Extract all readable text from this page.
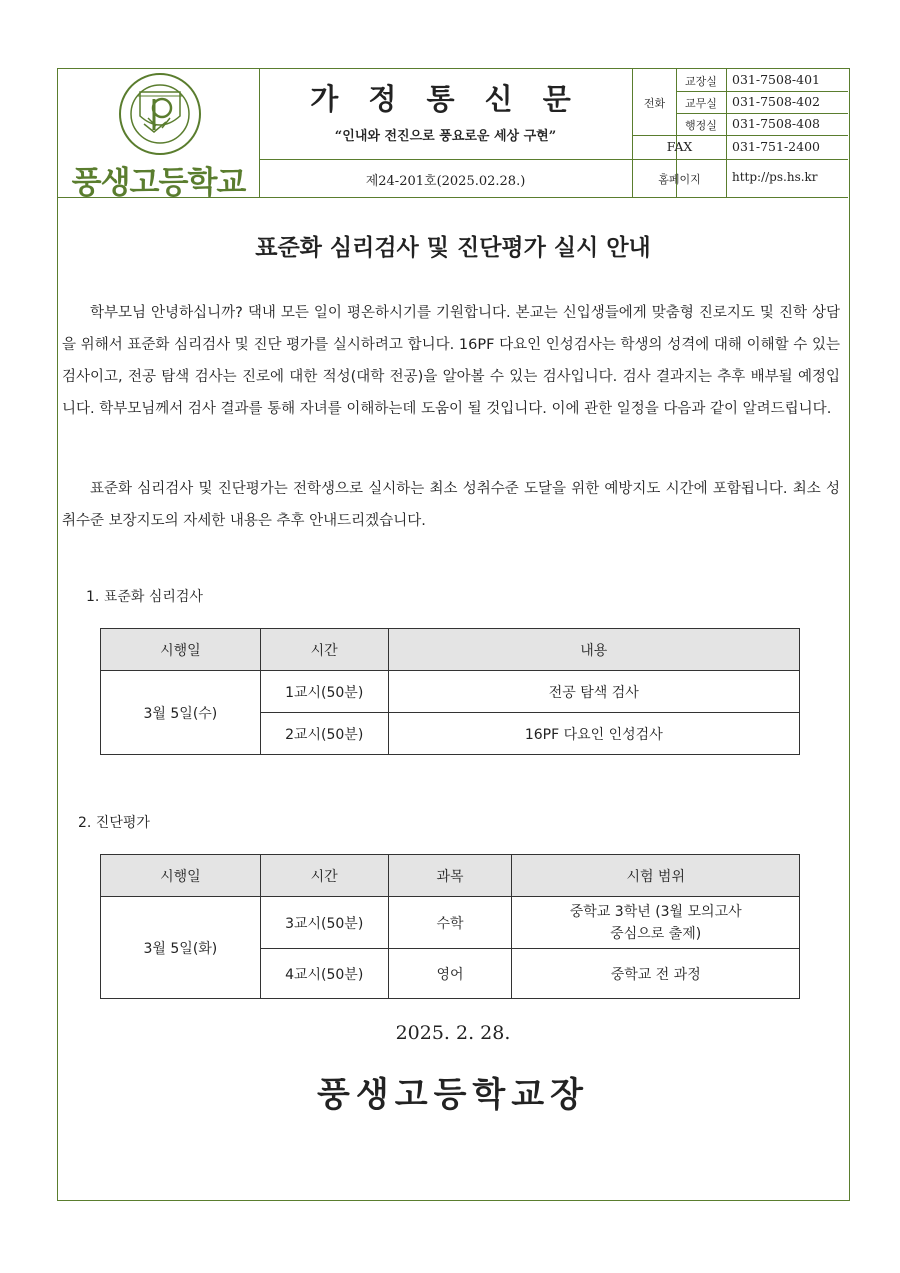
풍생고등학교
가 정 통 신 문
“인내와 전진으로 풍요로운 세상 구현”
제24-201호(2025.02.28.)
전화
교장실	031-7508-401
교무실	031-7508-402
행정실	031-7508-408
FAX	031-751-2400
홈페이지	http://ps.hs.kr
표준화 심리검사 및 진단평가 실시 안내
학부모님 안녕하십니까? 댁내 모든 일이 평온하시기를 기원합니다. 본교는 신입생들에게 맞춤형 진로지도 및 진학 상담을 위해서 표준화 심리검사 및 진단 평가를 실시하려고 합니다. 16PF 다요인 인성검사는 학생의 성격에 대해 이해할 수 있는 검사이고, 전공 탐색 검사는 진로에 대한 적성(대학 전공)을 알아볼 수 있는 검사입니다. 검사 결과지는 추후 배부될 예정입니다. 학부모님께서 검사 결과를 통해 자녀를 이해하는데 도움이 될 것입니다. 이에 관한 일정을 다음과 같이 알려드립니다.
표준화 심리검사 및 진단평가는 전학생으로 실시하는 최소 성취수준 도달을 위한 예방지도 시간에 포함됩니다. 최소 성취수준 보장지도의 자세한 내용은 추후 안내드리겠습니다.
1. 표준화 심리검사
시행일	시간	내용
3월 5일(수)	1교시(50분)	전공 탐색 검사
	2교시(50분)	16PF 다요인 인성검사
2. 진단평가
시행일	시간	과목	시험 범위
3월 5일(화)	3교시(50분)	수학	중학교 3학년 (3월 모의고사
중심으로 출제)

	4교시(50분)	영어	중학교 전 과정
2025. 2. 28.
풍생고등학교장
